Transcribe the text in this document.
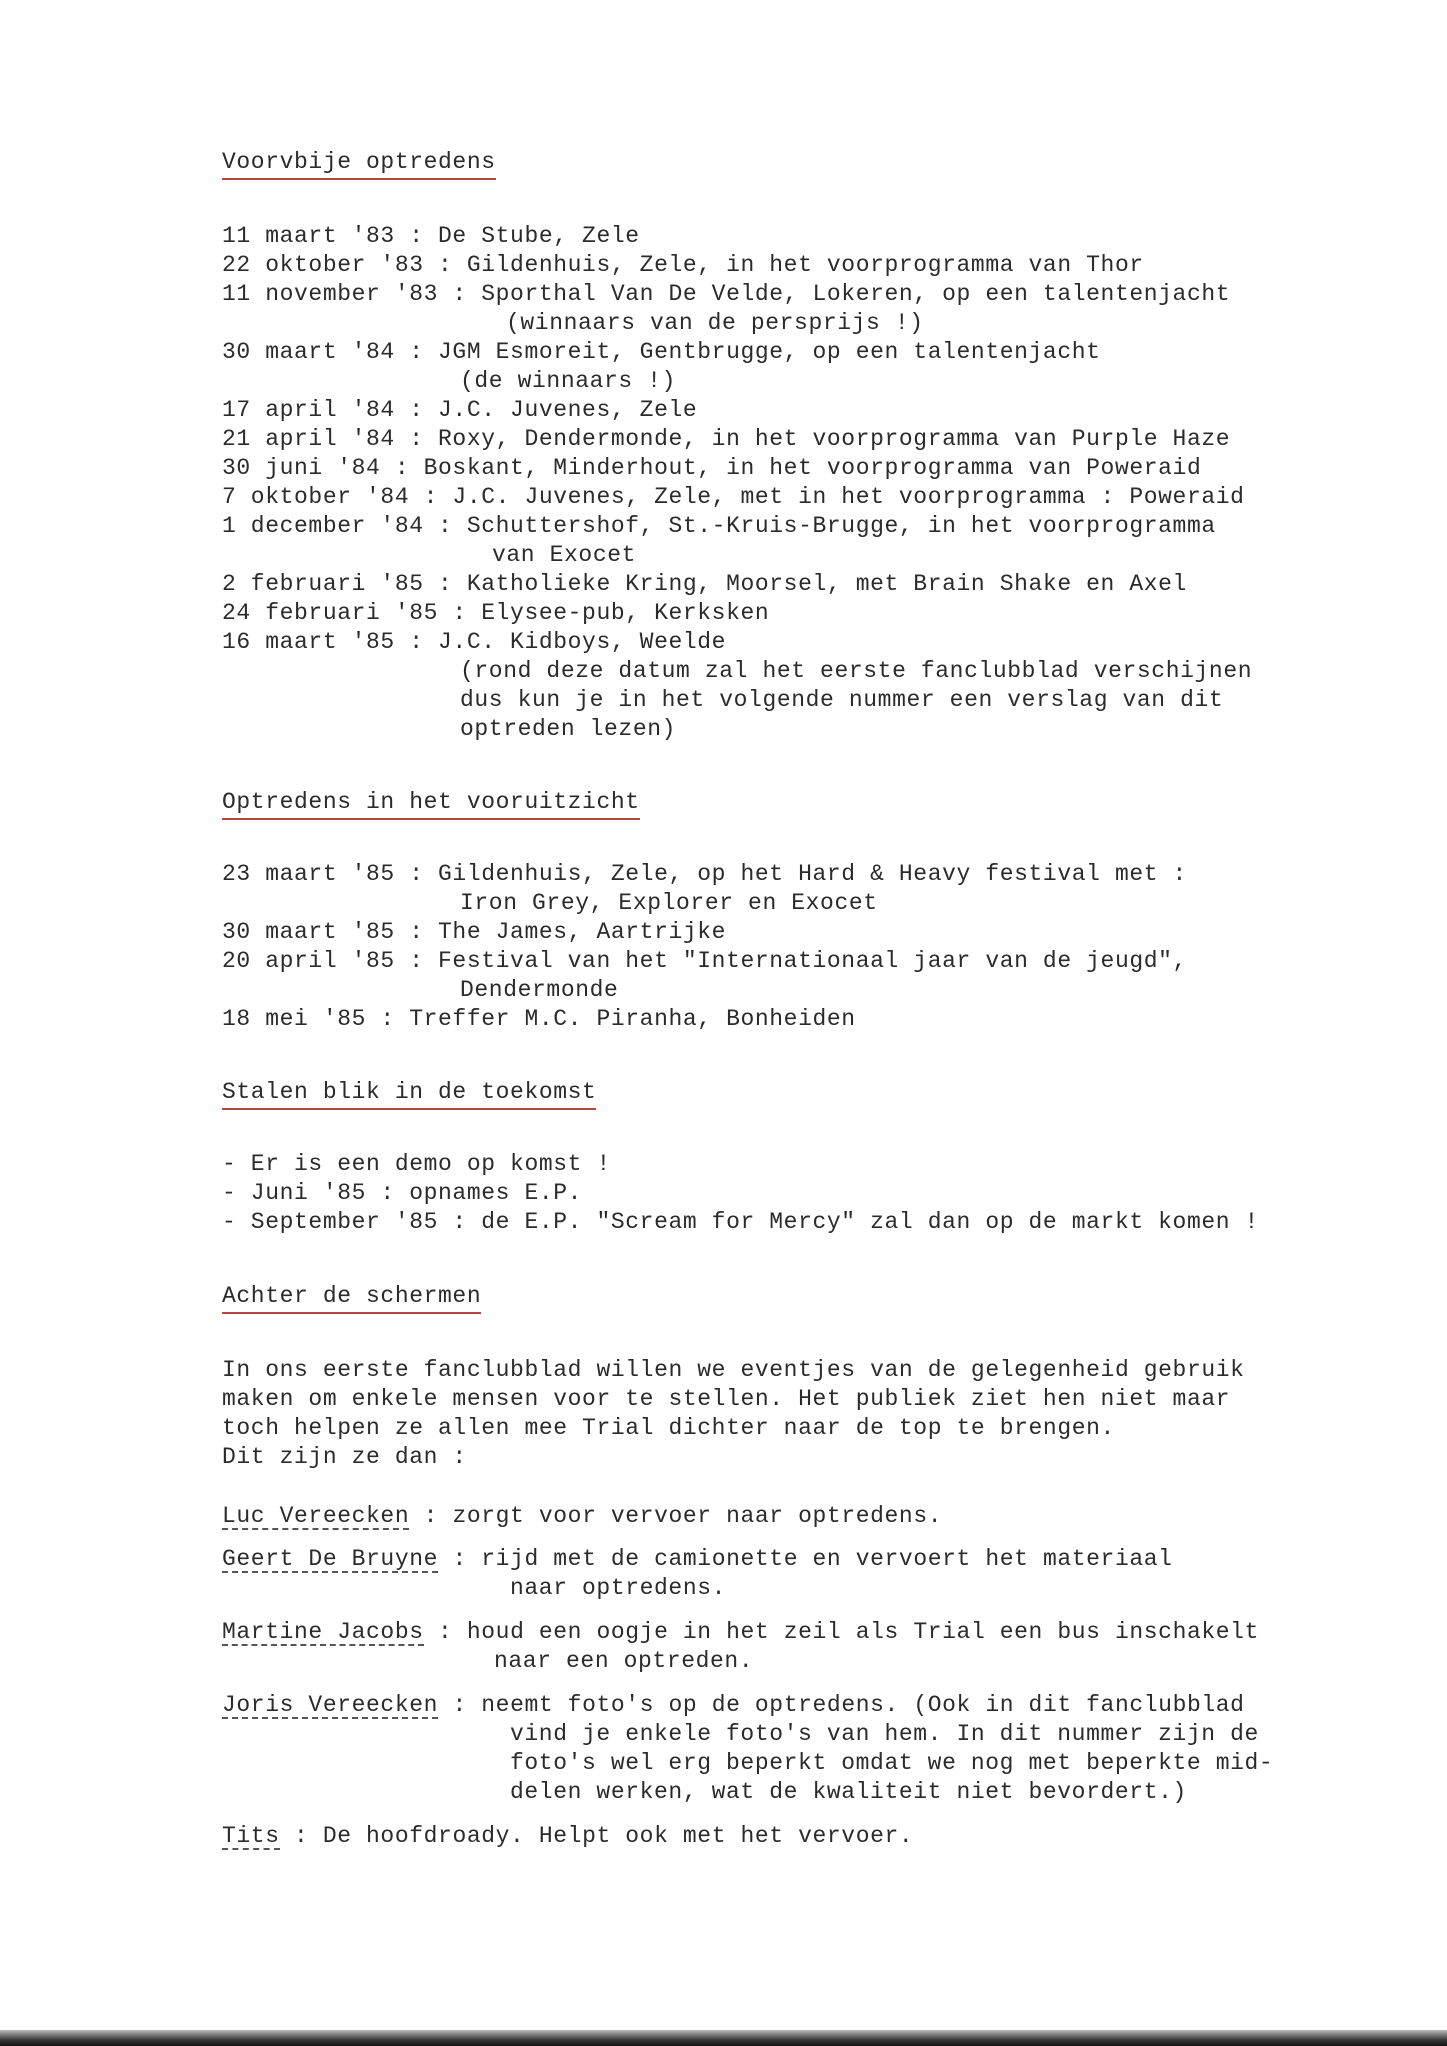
Voorvbije optredens
11 maart '83 : De Stube, Zele
22 oktober '83 : Gildenhuis, Zele, in het voorprogramma van Thor
11 november '83 : Sporthal Van De Velde, Lokeren, op een talentenjacht
(winnaars van de persprijs !)
30 maart '84 : JGM Esmoreit, Gentbrugge, op een talentenjacht
(de winnaars !)
17 april '84 : J.C. Juvenes, Zele
21 april '84 : Roxy, Dendermonde, in het voorprogramma van Purple Haze
30 juni '84 : Boskant, Minderhout, in het voorprogramma van Poweraid
7 oktober '84 : J.C. Juvenes, Zele, met in het voorprogramma : Poweraid
1 december '84 : Schuttershof, St.-Kruis-Brugge, in het voorprogramma
van Exocet
2 februari '85 : Katholieke Kring, Moorsel, met Brain Shake en Axel
24 februari '85 : Elysee-pub, Kerksken
16 maart '85 : J.C. Kidboys, Weelde
(rond deze datum zal het eerste fanclubblad verschijnen
dus kun je in het volgende nummer een verslag van dit
optreden lezen)
Optredens in het vooruitzicht
23 maart '85 : Gildenhuis, Zele, op het Hard & Heavy festival met :
Iron Grey, Explorer en Exocet
30 maart '85 : The James, Aartrijke
20 april '85 : Festival van het "Internationaal jaar van de jeugd",
Dendermonde
18 mei '85 : Treffer M.C. Piranha, Bonheiden
Stalen blik in de toekomst
- Er is een demo op komst !
- Juni '85 : opnames E.P.
- September '85 : de E.P. "Scream for Mercy" zal dan op de markt komen !
Achter de schermen
In ons eerste fanclubblad willen we eventjes van de gelegenheid gebruik
maken om enkele mensen voor te stellen. Het publiek ziet hen niet maar
toch helpen ze allen mee Trial dichter naar de top te brengen.
Dit zijn ze dan :
Luc Vereecken : zorgt voor vervoer naar optredens.
Geert De Bruyne : rijd met de camionette en vervoert het materiaal
naar optredens.
Martine Jacobs : houd een oogje in het zeil als Trial een bus inschakelt
naar een optreden.
Joris Vereecken : neemt foto's op de optredens. (Ook in dit fanclubblad
vind je enkele foto's van hem. In dit nummer zijn de
foto's wel erg beperkt omdat we nog met beperkte mid-
delen werken, wat de kwaliteit niet bevordert.)
Tits : De hoofdroady. Helpt ook met het vervoer.
